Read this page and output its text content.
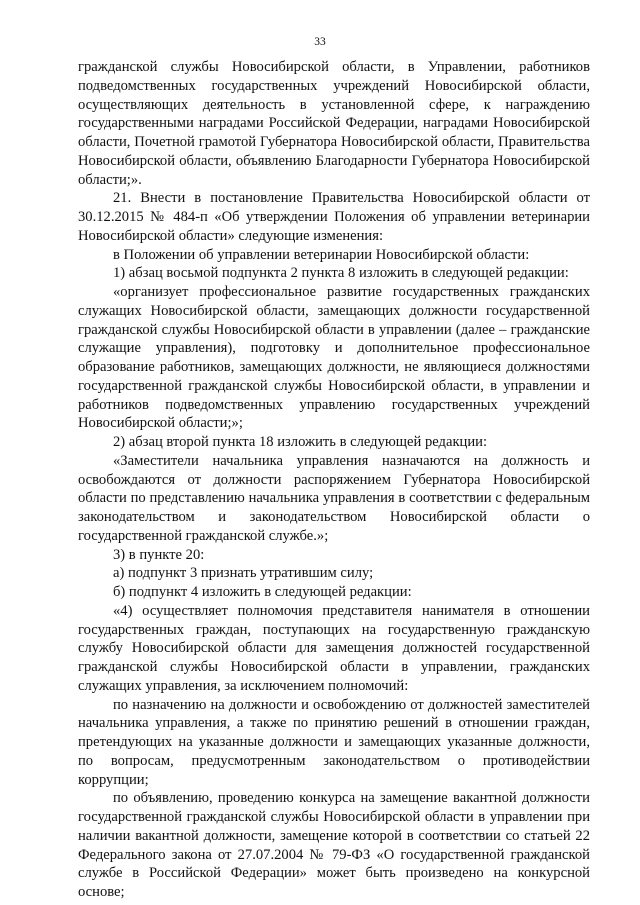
33

гражданской службы Новосибирской области, в Управлении, работников подведомственных государственных учреждений Новосибирской области, осуществляющих деятельность в установленной сфере, к награждению государственными наградами Российской Федерации, наградами Новосибирской области, Почетной грамотой Губернатора Новосибирской области, Правительства Новосибирской области, объявлению Благодарности Губернатора Новосибирской области;».

21. Внести в постановление Правительства Новосибирской области от 30.12.2015 № 484-п «Об утверждении Положения об управлении ветеринарии Новосибирской области» следующие изменения:

в Положении об управлении ветеринарии Новосибирской области:

1) абзац восьмой подпункта 2 пункта 8 изложить в следующей редакции:

«организует профессиональное развитие государственных гражданских служащих Новосибирской области, замещающих должности государственной гражданской службы Новосибирской области в управлении (далее – гражданские служащие управления), подготовку и дополнительное профессиональное образование работников, замещающих должности, не являющиеся должностями государственной гражданской службы Новосибирской области, в управлении и работников подведомственных управлению государственных учреждений Новосибирской области;»;

2) абзац второй пункта 18 изложить в следующей редакции:

«Заместители начальника управления назначаются на должность и освобождаются от должности распоряжением Губернатора Новосибирской области по представлению начальника управления в соответствии с федеральным законодательством и законодательством Новосибирской области о государственной гражданской службе.»;

3) в пункте 20:

а) подпункт 3 признать утратившим силу;

б) подпункт 4 изложить в следующей редакции:

«4) осуществляет полномочия представителя нанимателя в отношении государственных граждан, поступающих на государственную гражданскую службу Новосибирской области для замещения должностей государственной гражданской службы Новосибирской области в управлении, гражданских служащих управления, за исключением полномочий:

по назначению на должности и освобождению от должностей заместителей начальника управления, а также по принятию решений в отношении граждан, претендующих на указанные должности и замещающих указанные должности, по вопросам, предусмотренным законодательством о противодействии коррупции;

по объявлению, проведению конкурса на замещение вакантной должности государственной гражданской службы Новосибирской области в управлении при наличии вакантной должности, замещение которой в соответствии со статьей 22 Федерального закона от 27.07.2004 № 79-ФЗ «О государственной гражданской службе в Российской Федерации» может быть произведено на конкурсной основе;
